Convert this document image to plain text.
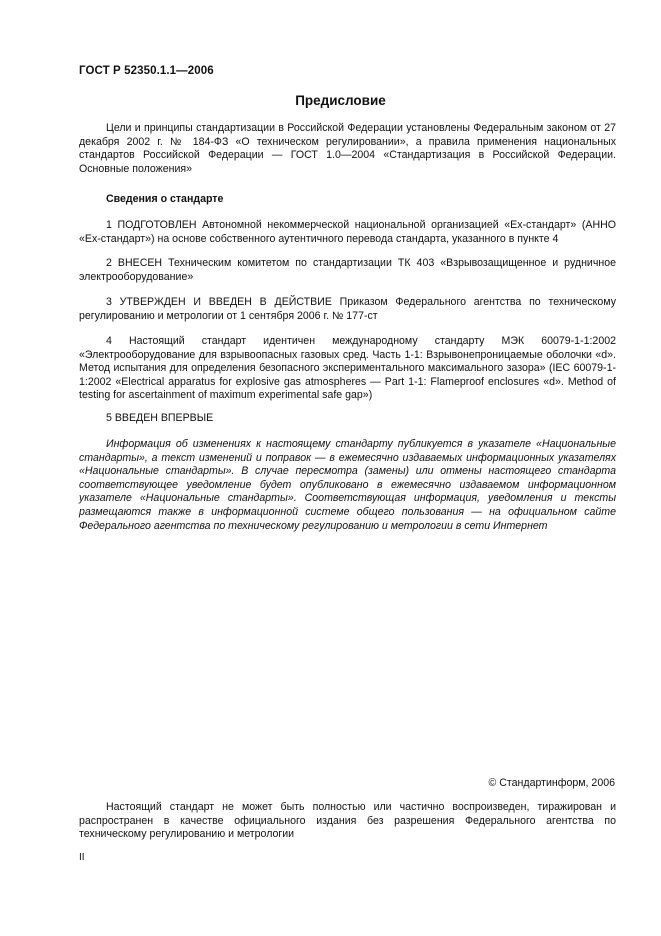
ГОСТ Р 52350.1.1—2006
Предисловие

Цели и принципы стандартизации в Российской Федерации установлены Федеральным законом от 27 декабря 2002 г. № 184-ФЗ «О техническом регулировании», а правила применения национальных стандартов Российской Федерации — ГОСТ 1.0—2004 «Стандартизация в Российской Федерации. Основные положения»

Сведения о стандарте

1 ПОДГОТОВЛЕН Автономной некоммерческой национальной организацией «Ex-стандарт» (АННО «Ex-стандарт») на основе собственного аутентичного перевода стандарта, указанного в пункте 4

2 ВНЕСЕН Техническим комитетом по стандартизации ТК 403 «Взрывозащищенное и рудничное электрооборудование»

3 УТВЕРЖДЕН И ВВЕДЕН В ДЕЙСТВИЕ Приказом Федерального агентства по техническому регулированию и метрологии от 1 сентября 2006 г. № 177-ст

4 Настоящий стандарт идентичен международному стандарту МЭК 60079-1-1:2002 «Электрооборудование для взрывоопасных газовых сред. Часть 1-1: Взрывонепроницаемые оболочки «d». Метод испытания для определения безопасного экспериментального максимального зазора» (IEC 60079-1-1:2002 «Electrical apparatus for explosive gas atmospheres — Part 1-1: Flameproof enclosures «d». Method of testing for ascertainment of maximum experimental safe gap»)

5 ВВЕДЕН ВПЕРВЫЕ

Информация об изменениях к настоящему стандарту публикуется в указателе «Национальные стандарты», а текст изменений и поправок — в ежемесячно издаваемых информационных указателях «Национальные стандарты». В случае пересмотра (замены) или отмены настоящего стандарта соответствующее уведомление будет опубликовано в ежемесячно издаваемом информационном указателе «Национальные стандарты». Соответствующая информация, уведомления и тексты размещаются также в информационной системе общего пользования — на официальном сайте Федерального агентства по техническому регулированию и метрологии в сети Интернет

© Стандартинформ, 2006

Настоящий стандарт не может быть полностью или частично воспроизведен, тиражирован и распространен в качестве официального издания без разрешения Федерального агентства по техническому регулированию и метрологии

II
